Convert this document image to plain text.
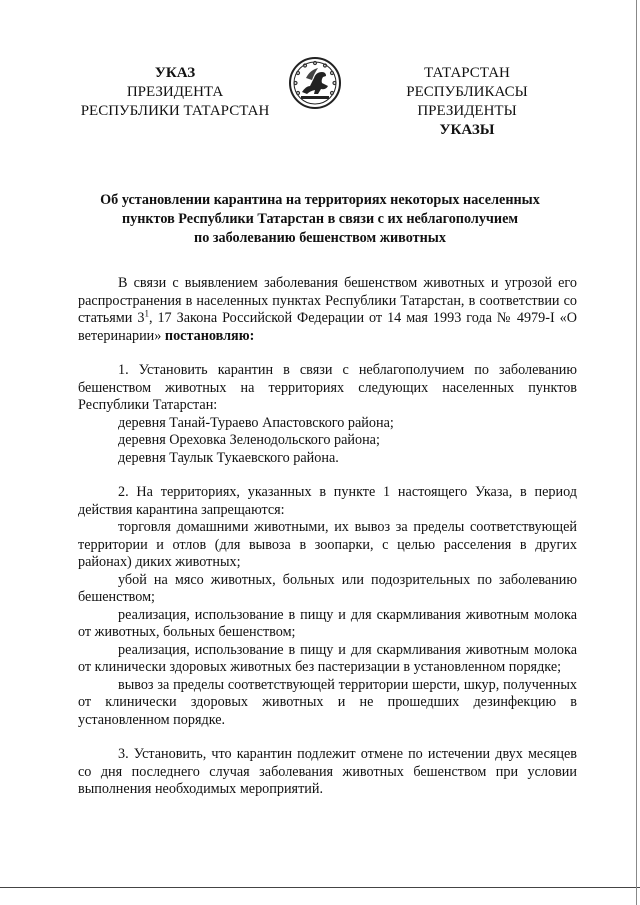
УКАЗ
ПРЕЗИДЕНТА
РЕСПУБЛИКИ ТАТАРСТАН
ТАТАРСТАН РЕСПУБЛИКАСЫ
ПРЕЗИДЕНТЫ
УКАЗЫ
Об установлении карантина на территориях некоторых населенных
пунктов Республики Татарстан в связи с их неблагополучием
по заболеванию бешенством животных

В связи с выявлением заболевания бешенством животных и угрозой его распространения в населенных пунктах Республики Татарстан, в соответствии со статьями $3^1$, 17 Закона Российской Федерации от 14 мая 1993 года № 4979-I «О ветеринарии» постановляю:

1. Установить карантин в связи с неблагополучием по заболеванию бешенством животных на территориях следующих населенных пунктов Республики Татарстан:

деревня Танай-Тураево Апастовского района;

деревня Ореховка Зеленодольского района;

деревня Таулык Тукаевского района.

2. На территориях, указанных в пункте 1 настоящего Указа, в период действия карантина запрещаются:

торговля домашними животными, их вывоз за пределы соответствующей территории и отлов (для вывоза в зоопарки, с целью расселения в других районах) диких животных;

убой на мясо животных, больных или подозрительных по заболеванию бешенством;

реализация, использование в пищу и для скармливания животным молока от животных, больных бешенством;

реализация, использование в пищу и для скармливания животным молока от клинически здоровых животных без пастеризации в установленном порядке;

вывоз за пределы соответствующей территории шерсти, шкур, полученных от клинически здоровых животных и не прошедших дезинфекцию в установленном порядке.

3. Установить, что карантин подлежит отмене по истечении двух месяцев со дня последнего случая заболевания животных бешенством при условии выполнения необходимых мероприятий.
